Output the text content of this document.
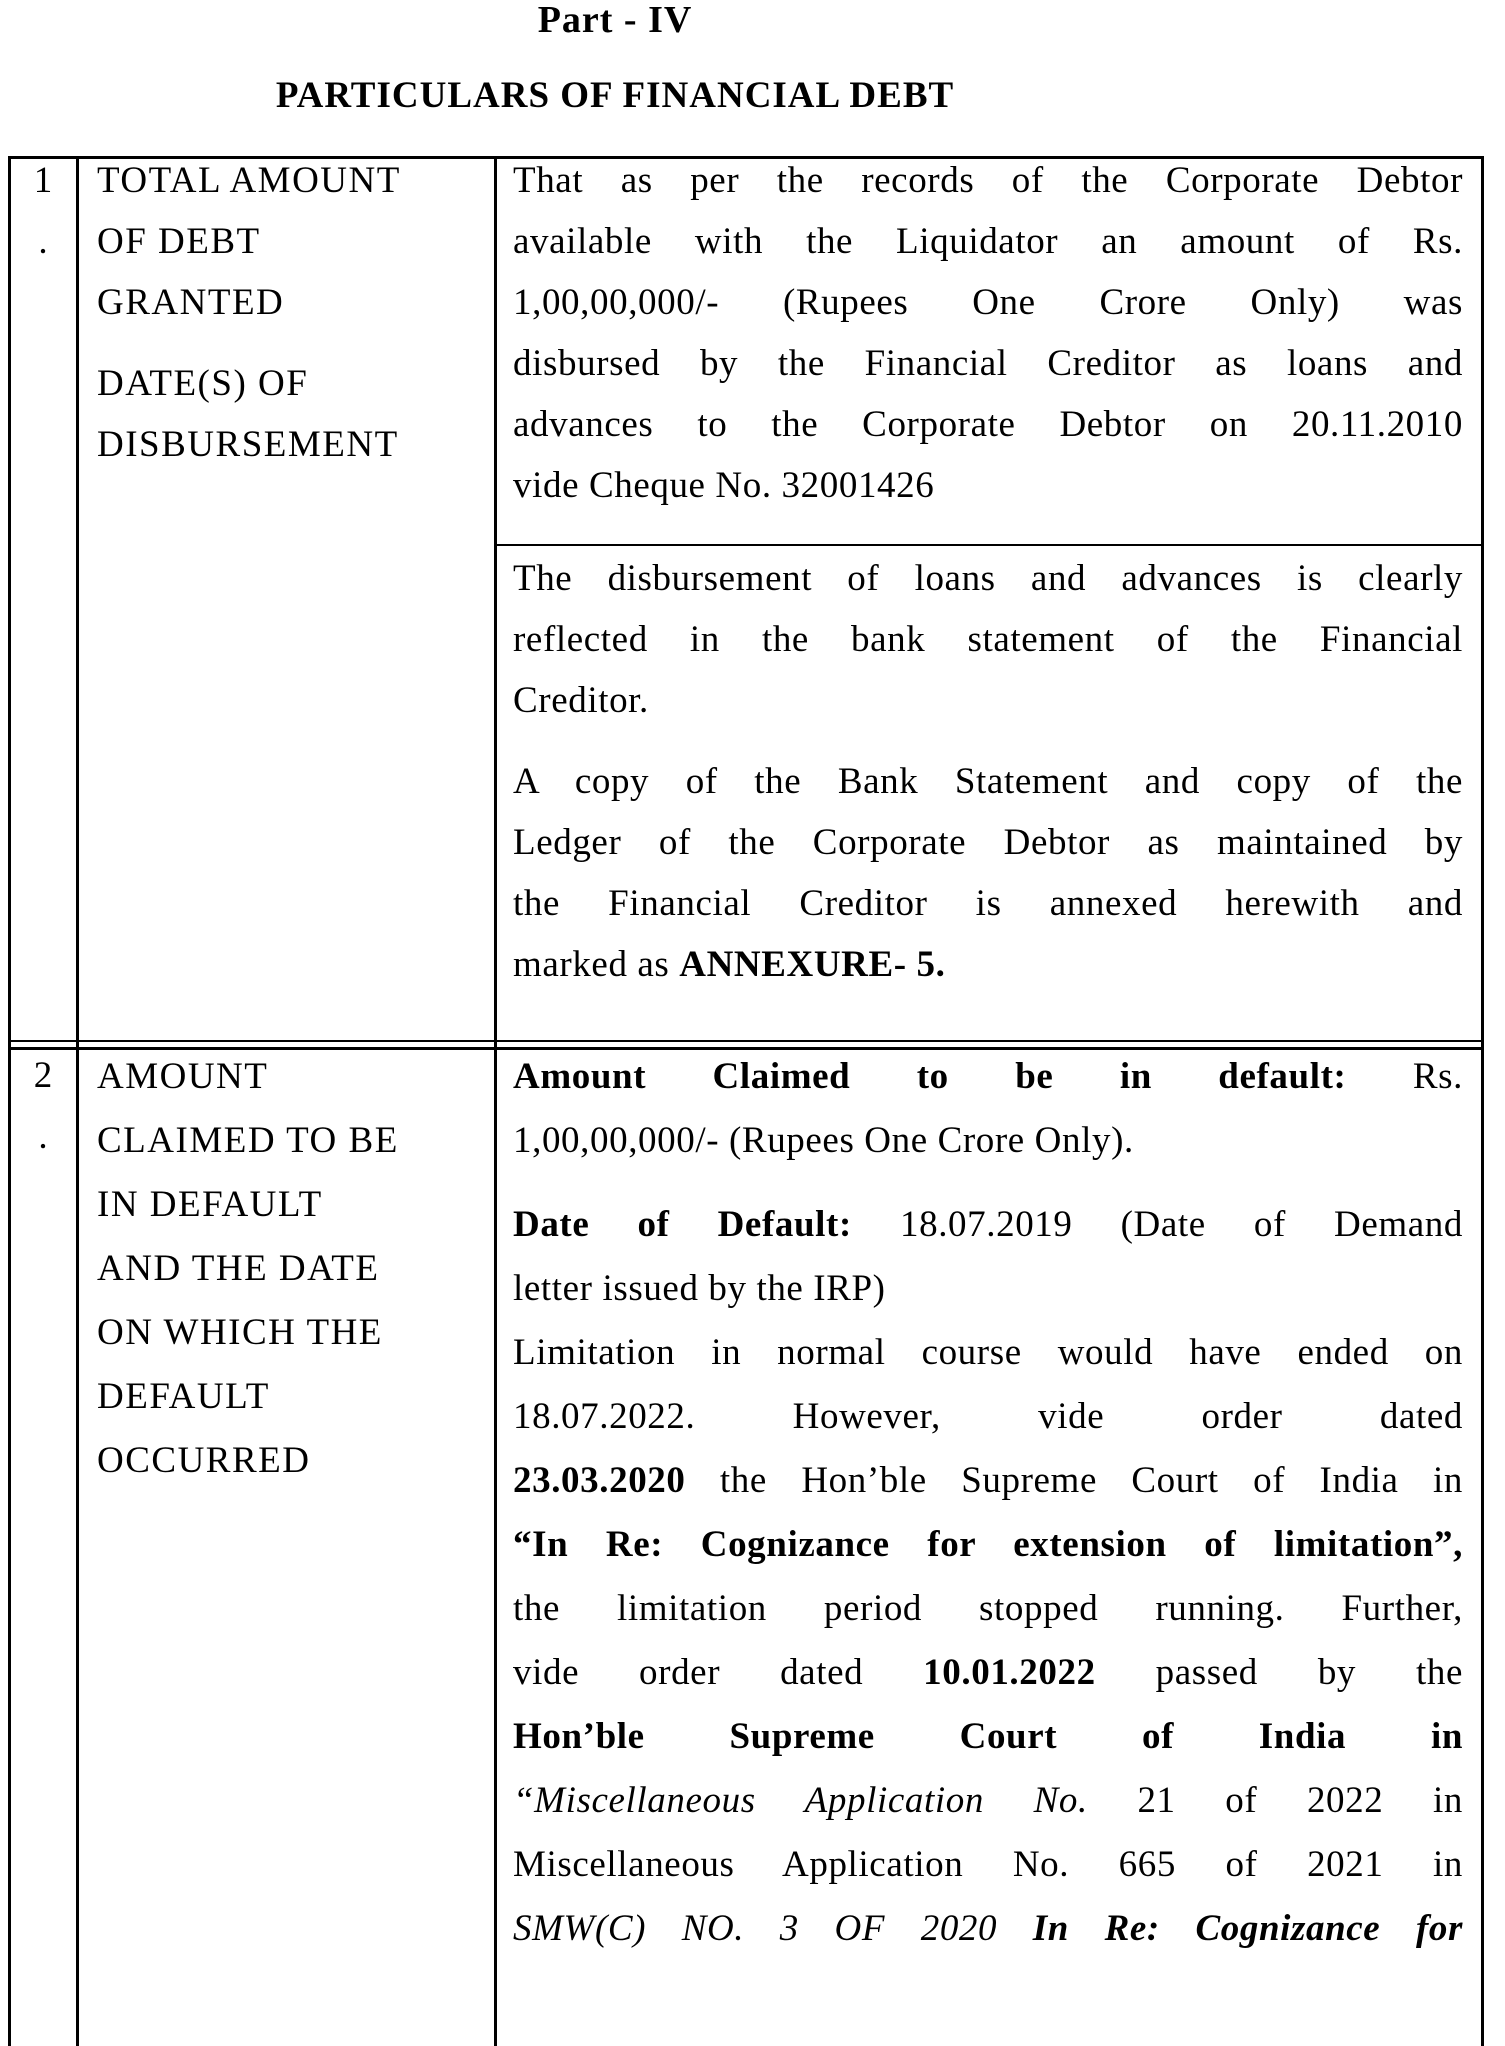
Part - IV
PARTICULARS OF FINANCIAL DEBT
1
.
TOTAL AMOUNT
OF DEBT
GRANTED
DATE(S) OF
DISBURSEMENT
That as per the records of the Corporate Debtor
available with the Liquidator an amount of Rs.
1,00,00,000/- (Rupees One Crore Only) was
disbursed by the Financial Creditor as loans and
advances to the Corporate Debtor on 20.11.2010
vide Cheque No. 32001426
The disbursement of loans and advances is clearly
reflected in the bank statement of the Financial
Creditor.
A copy of the Bank Statement and copy of the
Ledger of the Corporate Debtor as maintained by
the Financial Creditor is annexed herewith and
marked as ANNEXURE- 5.
2
.
AMOUNT
CLAIMED TO BE
IN DEFAULT
AND THE DATE
ON WHICH THE
DEFAULT
OCCURRED
Amount Claimed to be in default: Rs.
1,00,00,000/- (Rupees One Crore Only).
Date of Default: 18.07.2019 (Date of Demand
letter issued by the IRP)
Limitation in normal course would have ended on
18.07.2022. However, vide order dated
23.03.2020 the Hon’ble Supreme Court of India in
“In Re: Cognizance for extension of limitation”,
the limitation period stopped running. Further,
vide order dated 10.01.2022 passed by the
Hon’ble Supreme Court of India in
“Miscellaneous Application No. 21 of 2022 in
Miscellaneous Application No. 665 of 2021 in
SMW(C) NO. 3 OF 2020 In Re: Cognizance for
